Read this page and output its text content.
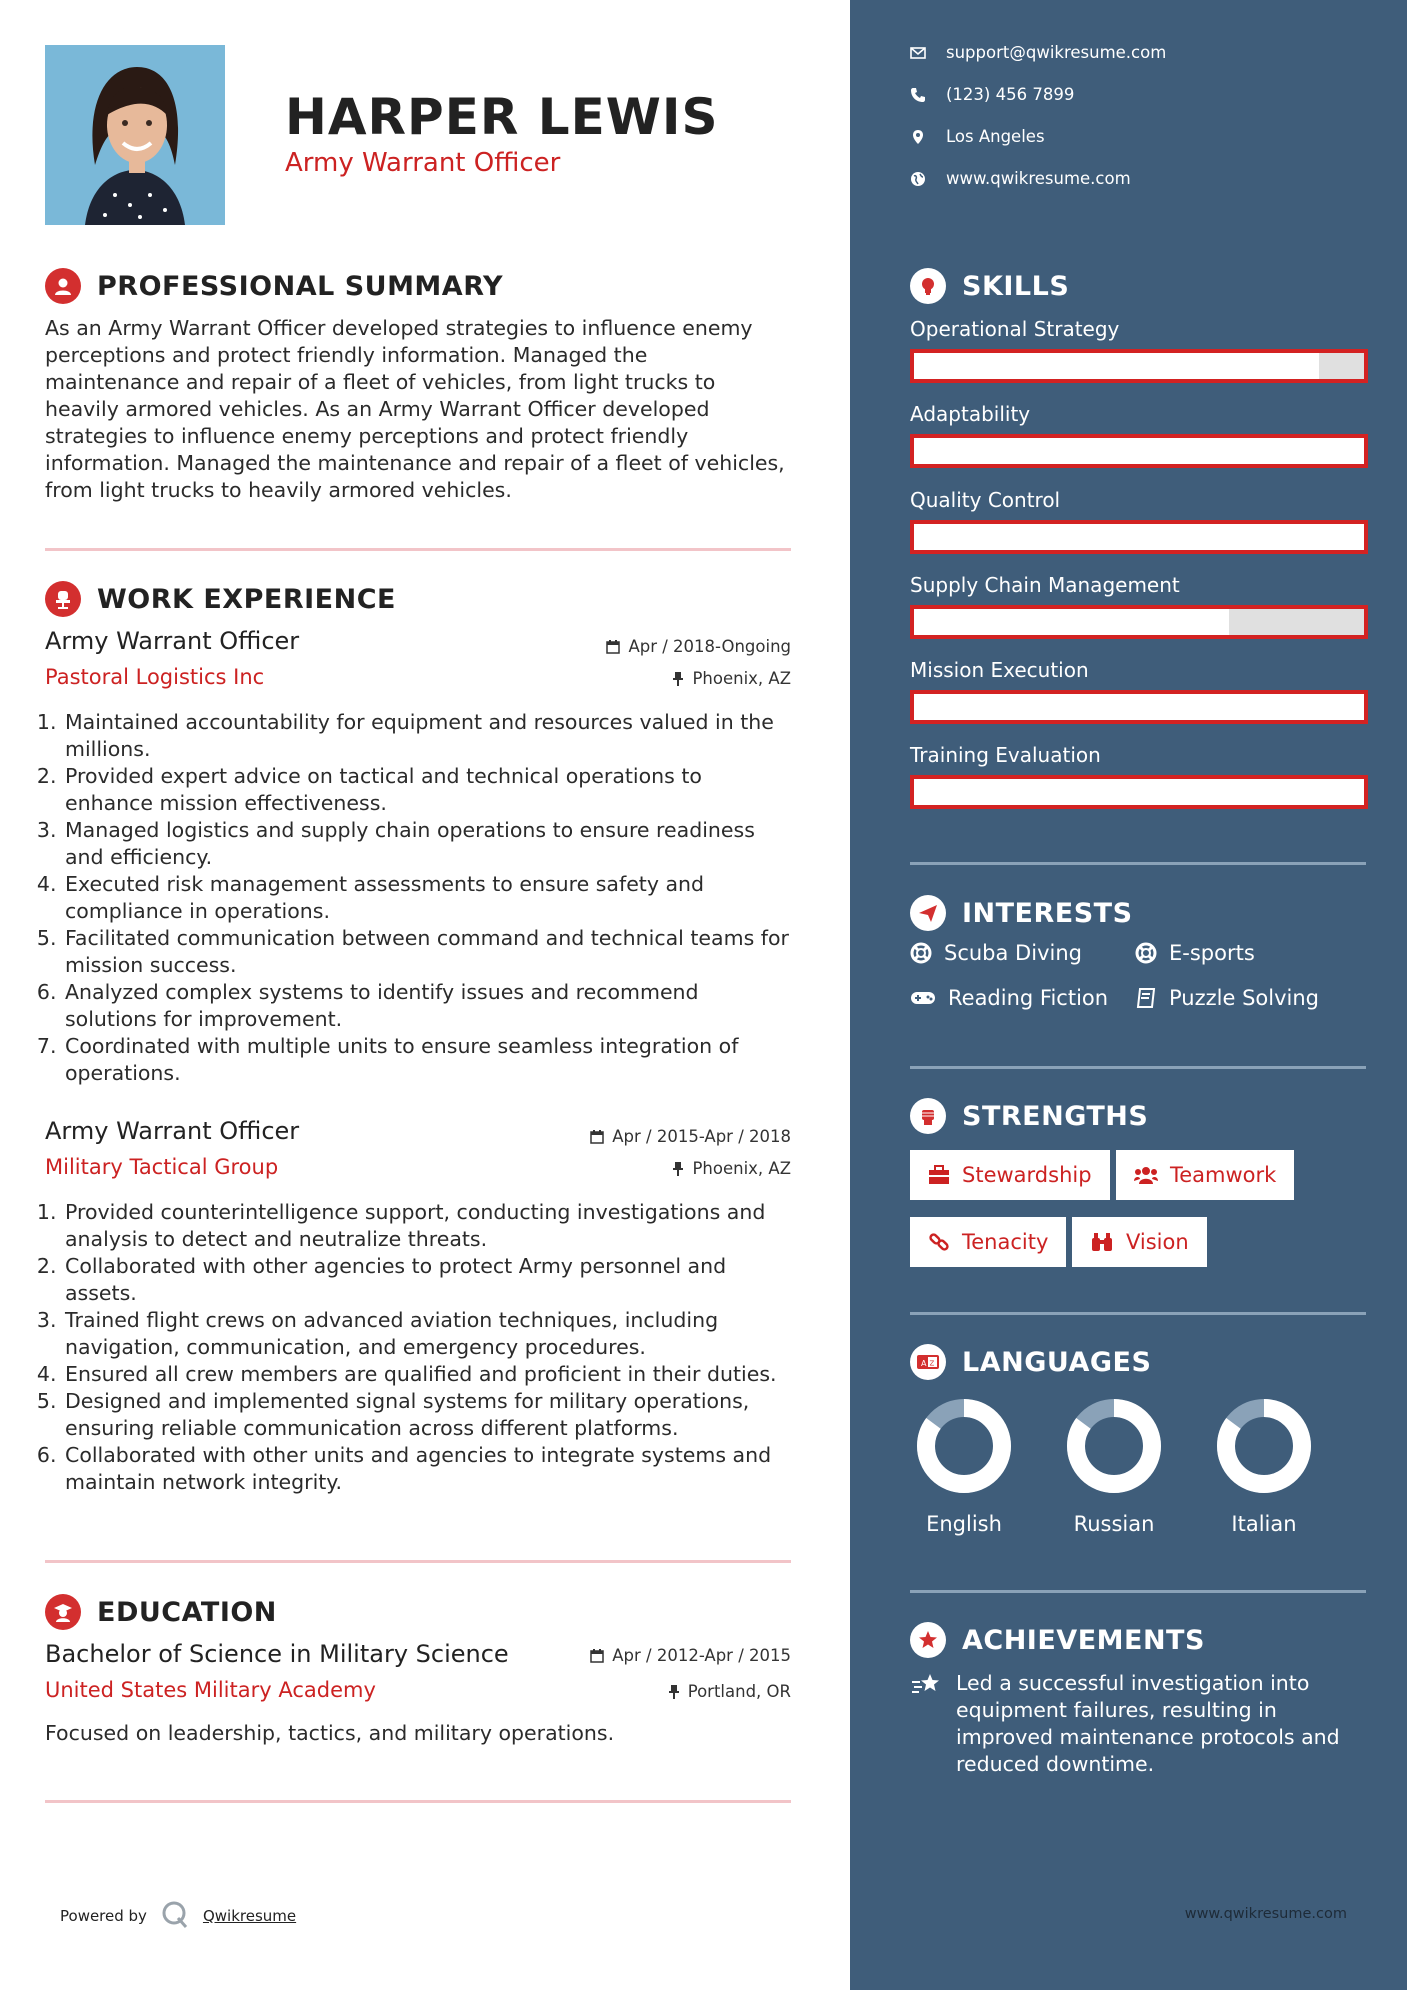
HARPER LEWIS
Army Warrant Officer
PROFESSIONAL SUMMARY
As an Army Warrant Officer developed strategies to influence enemy perceptions and protect friendly information. Managed the maintenance and repair of a fleet of vehicles, from light trucks to heavily armored vehicles. As an Army Warrant Officer developed strategies to influence enemy perceptions and protect friendly information. Managed the maintenance and repair of a fleet of vehicles, from light trucks to heavily armored vehicles.
WORK EXPERIENCE
Army Warrant Officer
Pastoral Logistics Inc
Apr / 2018-Ongoing
Phoenix, AZ
1. Maintained accountability for equipment and resources valued in the millions.
2. Provided expert advice on tactical and technical operations to enhance mission effectiveness.
3. Managed logistics and supply chain operations to ensure readiness and efficiency.
4. Executed risk management assessments to ensure safety and compliance in operations.
5. Facilitated communication between command and technical teams for mission success.
6. Analyzed complex systems to identify issues and recommend solutions for improvement.
7. Coordinated with multiple units to ensure seamless integration of operations.
Army Warrant Officer
Military Tactical Group
Apr / 2015-Apr / 2018
Phoenix, AZ
1. Provided counterintelligence support, conducting investigations and analysis to detect and neutralize threats.
2. Collaborated with other agencies to protect Army personnel and assets.
3. Trained flight crews on advanced aviation techniques, including navigation, communication, and emergency procedures.
4. Ensured all crew members are qualified and proficient in their duties.
5. Designed and implemented signal systems for military operations, ensuring reliable communication across different platforms.
6. Collaborated with other units and agencies to integrate systems and maintain network integrity.
EDUCATION
Bachelor of Science in Military Science
United States Military Academy
Apr / 2012-Apr / 2015
Portland, OR
Focused on leadership, tactics, and military operations.
Powered by	Qwikresume
support@qwikresume.com
(123) 456 7899
Los Angeles
www.qwikresume.com
SKILLS
Operational Strategy
Adaptability
Quality Control
Supply Chain Management
Mission Execution
Training Evaluation
INTERESTS
Scuba Diving	E-sports
Reading Fiction	Puzzle Solving
STRENGTHS
Stewardship	Teamwork
Tenacity	Vision
A Z LANGUAGES
English	Russian	Italian
ACHIEVEMENTS
Led a successful investigation into equipment failures, resulting in improved maintenance protocols and reduced downtime.
www.qwikresume.com
